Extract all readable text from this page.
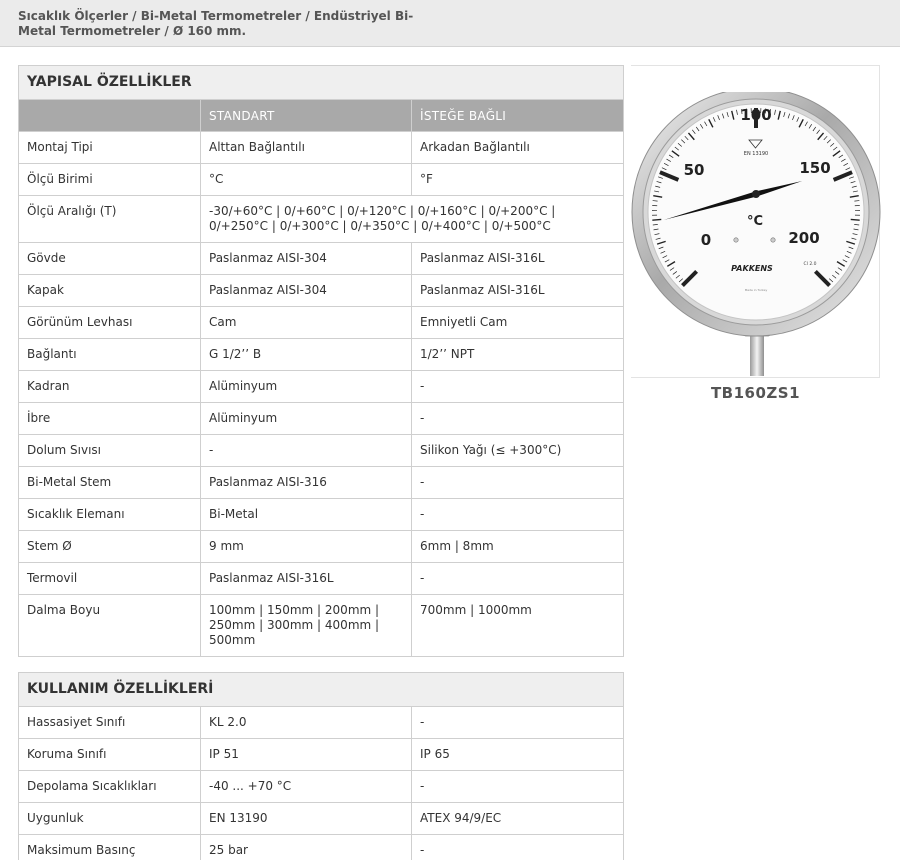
Sıcaklık Ölçerler / Bi-Metal Termometreler / Endüstriyel Bi-Metal Termometreler / Ø 160 mm.
YAPISAL ÖZELLİKLER		
	STANDART	İSTEĞE BAĞLI
Montaj Tipi	Alttan Bağlantılı	Arkadan Bağlantılı
Ölçü Birimi	°C	°F
Ölçü Aralığı (T)	-30/+60°C | 0/+60°C | 0/+120°C | 0/+160°C | 0/+200°C | 0/+250°C | 0/+300°C | 0/+350°C | 0/+400°C | 0/+500°C	
Gövde	Paslanmaz AISI-304	Paslanmaz AISI-316L
Kapak	Paslanmaz AISI-304	Paslanmaz AISI-316L
Görünüm Levhası	Cam	Emniyetli Cam
Bağlantı	G 1/2’’ B	1/2’’ NPT
Kadran	Alüminyum	-
İbre	Alüminyum	-
Dolum Sıvısı	-	Silikon Yağı (≤ +300°C)
Bi-Metal Stem	Paslanmaz AISI-316	-
Sıcaklık Elemanı	Bi-Metal	-
Stem Ø	9 mm	6mm | 8mm
Termovil	Paslanmaz AISI-316L	-
Dalma Boyu	100mm | 150mm | 200mm | 250mm | 300mm | 400mm | 500mm	700mm | 1000mm
KULLANIM ÖZELLİKLERİ		
Hassasiyet Sınıfı	KL 2.0	-
Koruma Sınıfı	IP 51	IP 65
Depolama Sıcaklıkları	-40 ... +70 °C	-
Uygunluk	EN 13190	ATEX 94/9/EC
Maksimum Basınç	25 bar	-
100
50	150
0	200
°C
EN 13190
PAKKENS	Cl 2.0
Made in Turkey
TB160ZS1
